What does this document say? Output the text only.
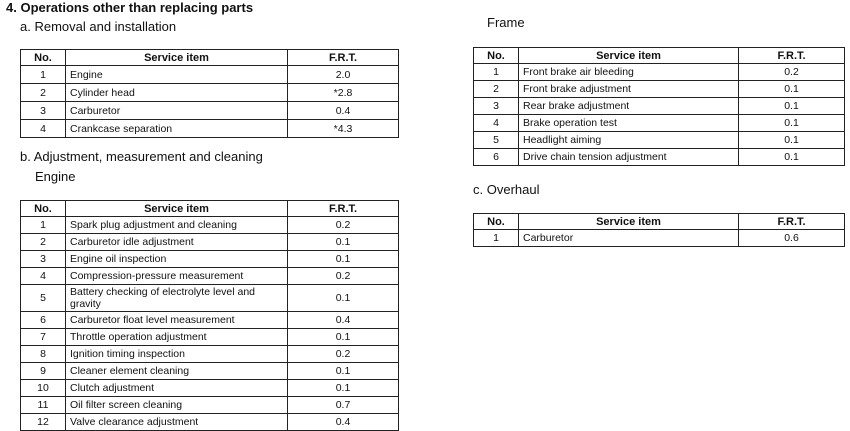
4. Operations other than replacing parts
a. Removal and installation
No.	Service item	F.R.T.
1	Engine	2.0
2	Cylinder head	*2.8
3	Carburetor	0.4
4	Crankcase separation	*4.3
b. Adjustment, measurement and cleaning
Engine
No.	Service item	F.R.T.
1	Spark plug adjustment and cleaning	0.2
2	Carburetor idle adjustment	0.1
3	Engine oil inspection	0.1
4	Compression-pressure measurement	0.2
5	Battery checking of electrolyte level and gravity	0.1
6	Carburetor float level measurement	0.4
7	Throttle operation adjustment	0.1
8	Ignition timing inspection	0.2
9	Cleaner element cleaning	0.1
10	Clutch adjustment	0.1
11	Oil filter screen cleaning	0.7
12	Valve clearance adjustment	0.4
Frame
No.	Service item	F.R.T.
1	Front brake air bleeding	0.2
2	Front brake adjustment	0.1
3	Rear brake adjustment	0.1
4	Brake operation test	0.1
5	Headlight aiming	0.1
6	Drive chain tension adjustment	0.1
c. Overhaul
No.	Service item	F.R.T.
1	Carburetor	0.6
